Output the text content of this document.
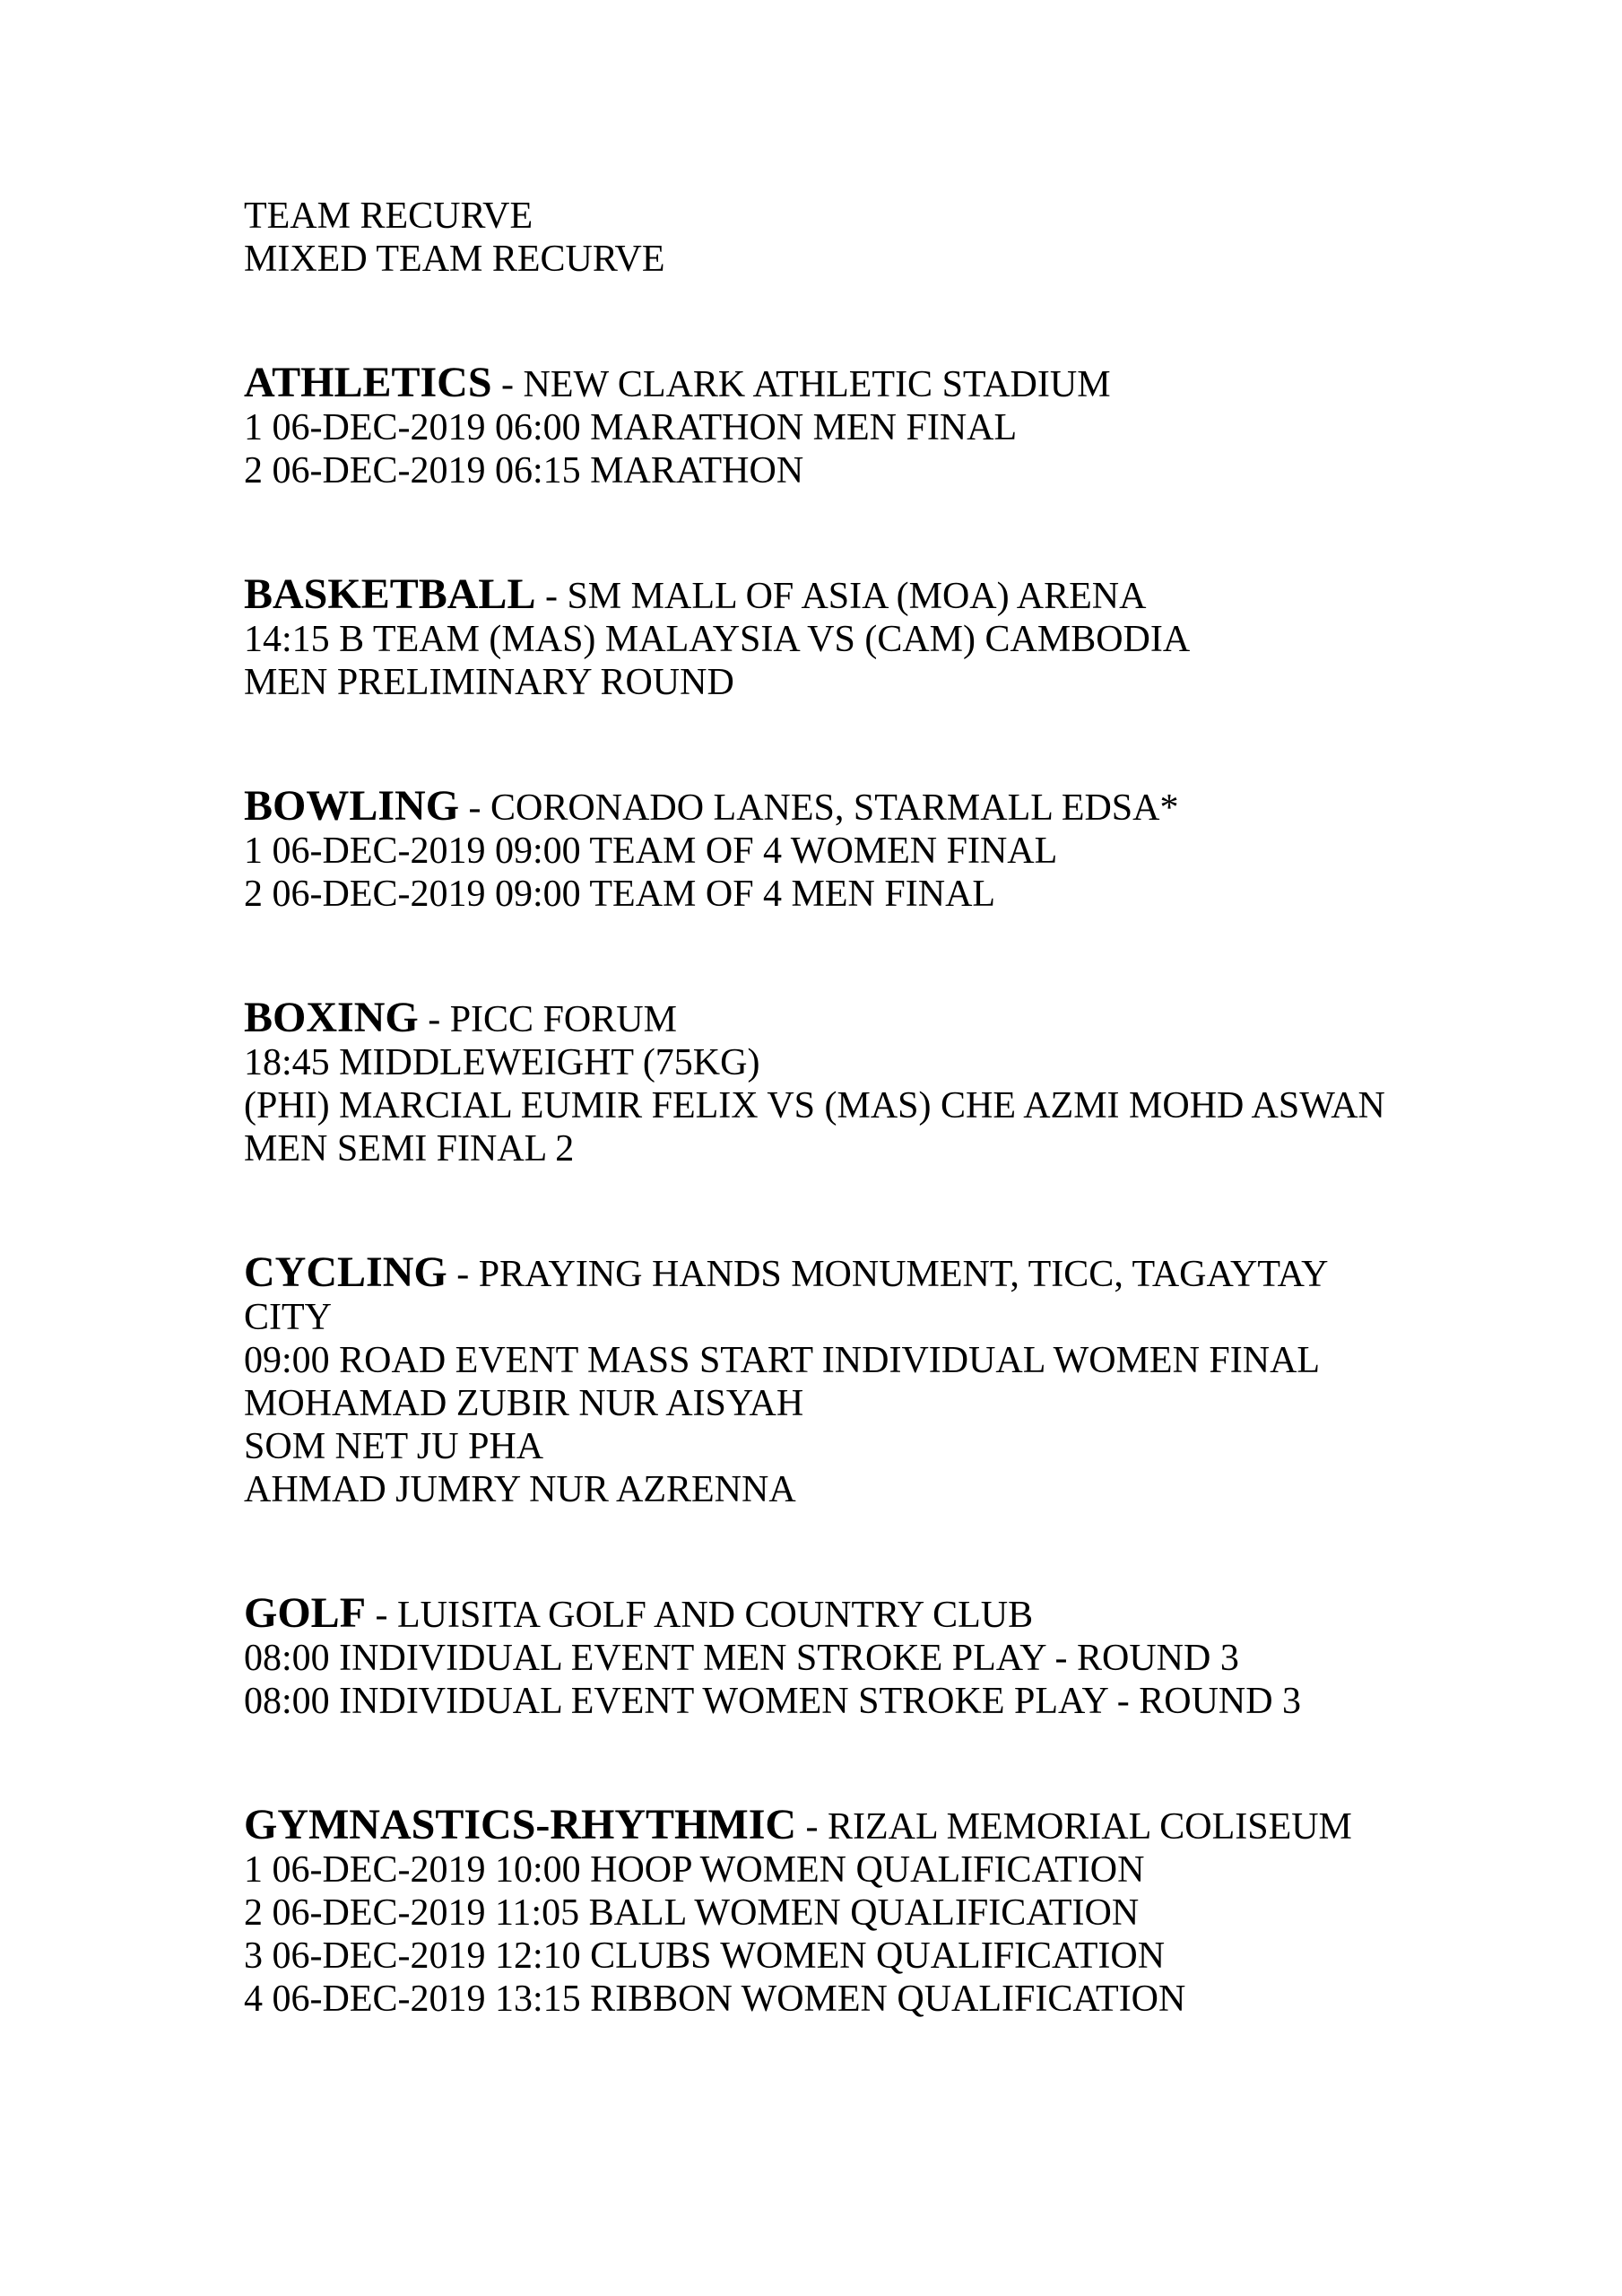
TEAM RECURVE
MIXED TEAM RECURVE
ATHLETICS - NEW CLARK ATHLETIC STADIUM
1 06-DEC-2019 06:00 MARATHON MEN FINAL
2 06-DEC-2019 06:15 MARATHON
BASKETBALL - SM MALL OF ASIA (MOA) ARENA
14:15 B TEAM (MAS) MALAYSIA VS (CAM) CAMBODIA
MEN PRELIMINARY ROUND
BOWLING - CORONADO LANES, STARMALL EDSA*
1 06-DEC-2019 09:00 TEAM OF 4 WOMEN FINAL
2 06-DEC-2019 09:00 TEAM OF 4 MEN FINAL
BOXING - PICC FORUM
18:45 MIDDLEWEIGHT (75KG)
(PHI) MARCIAL EUMIR FELIX VS (MAS) CHE AZMI MOHD ASWAN
MEN SEMI FINAL 2
CYCLING - PRAYING HANDS MONUMENT, TICC, TAGAYTAY
CITY
09:00 ROAD EVENT MASS START INDIVIDUAL WOMEN FINAL
MOHAMAD ZUBIR NUR AISYAH
SOM NET JU PHA
AHMAD JUMRY NUR AZRENNA
GOLF - LUISITA GOLF AND COUNTRY CLUB
08:00 INDIVIDUAL EVENT MEN STROKE PLAY - ROUND 3
08:00 INDIVIDUAL EVENT WOMEN STROKE PLAY - ROUND 3
GYMNASTICS-RHYTHMIC - RIZAL MEMORIAL COLISEUM
1 06-DEC-2019 10:00 HOOP WOMEN QUALIFICATION
2 06-DEC-2019 11:05 BALL WOMEN QUALIFICATION
3 06-DEC-2019 12:10 CLUBS WOMEN QUALIFICATION
4 06-DEC-2019 13:15 RIBBON WOMEN QUALIFICATION
